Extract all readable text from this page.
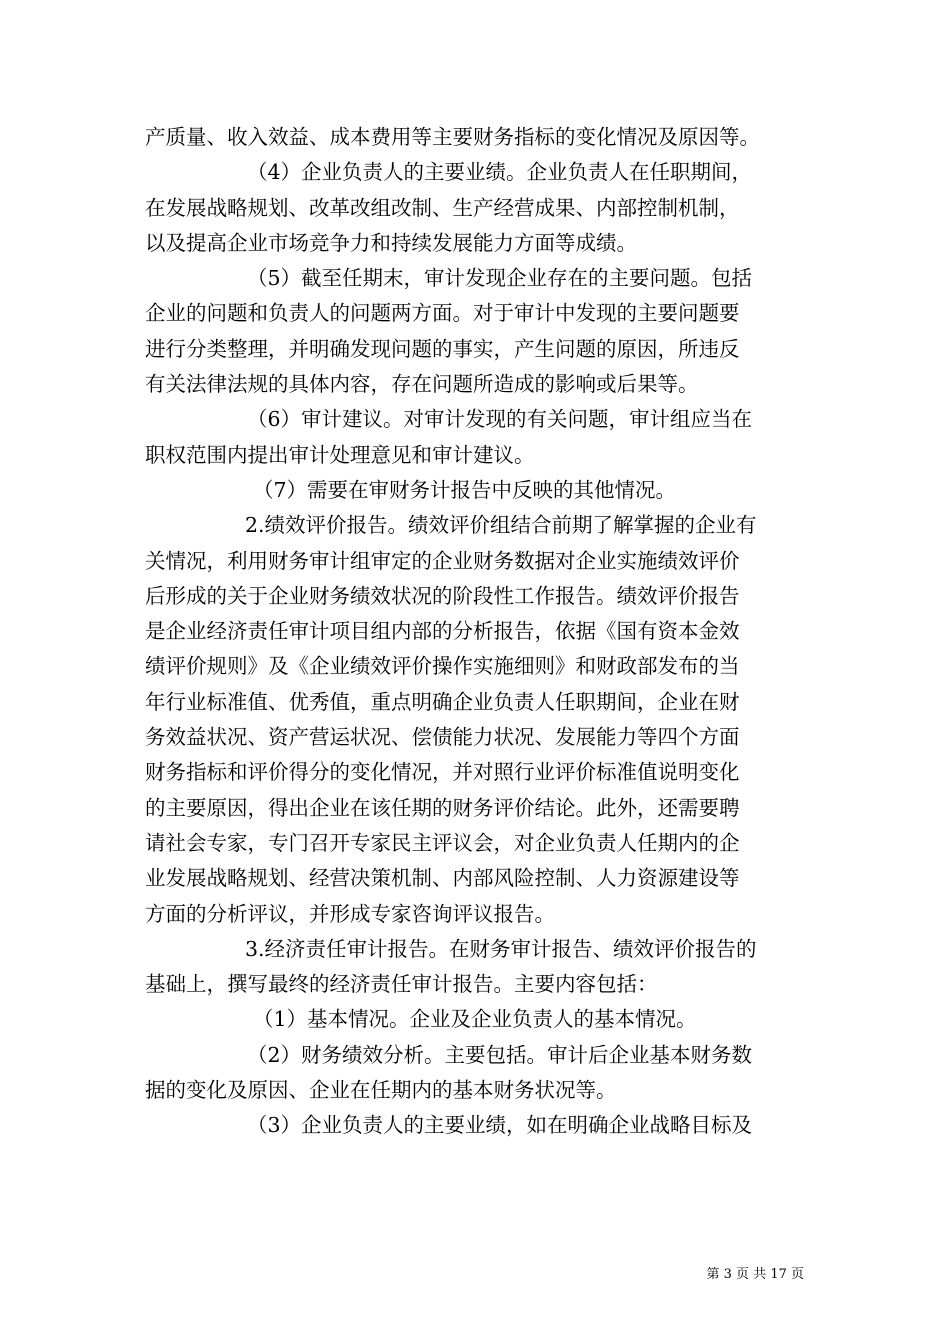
产质量、收入效益、成本费用等主要财务指标的变化情况及原因等。
（4）企业负责人的主要业绩。企业负责人在任职期间，
在发展战略规划、改革改组改制、生产经营成果、内部控制机制，
以及提高企业市场竞争力和持续发展能力方面等成绩。
（5）截至任期末，审计发现企业存在的主要问题。包括
企业的问题和负责人的问题两方面。对于审计中发现的主要问题要
进行分类整理，并明确发现问题的事实，产生问题的原因，所违反
有关法律法规的具体内容，存在问题所造成的影响或后果等。
（6）审计建议。对审计发现的有关问题，审计组应当在
职权范围内提出审计处理意见和审计建议。
（7）需要在审财务计报告中反映的其他情况。
2.绩效评价报告。绩效评价组结合前期了解掌握的企业有
关情况，利用财务审计组审定的企业财务数据对企业实施绩效评价
后形成的关于企业财务绩效状况的阶段性工作报告。绩效评价报告
是企业经济责任审计项目组内部的分析报告，依据《国有资本金效
绩评价规则》及《企业绩效评价操作实施细则》和财政部发布的当
年行业标准值、优秀值，重点明确企业负责人任职期间，企业在财
务效益状况、资产营运状况、偿债能力状况、发展能力等四个方面
财务指标和评价得分的变化情况，并对照行业评价标准值说明变化
的主要原因，得出企业在该任期的财务评价结论。此外，还需要聘
请社会专家，专门召开专家民主评议会，对企业负责人任期内的企
业发展战略规划、经营决策机制、内部风险控制、人力资源建设等
方面的分析评议，并形成专家咨询评议报告。
3.经济责任审计报告。在财务审计报告、绩效评价报告的
基础上，撰写最终的经济责任审计报告。主要内容包括：
（1）基本情况。企业及企业负责人的基本情况。
（2）财务绩效分析。主要包括。审计后企业基本财务数
据的变化及原因、企业在任期内的基本财务状况等。
（3）企业负责人的主要业绩，如在明确企业战略目标及
第 3 页 共 17 页
